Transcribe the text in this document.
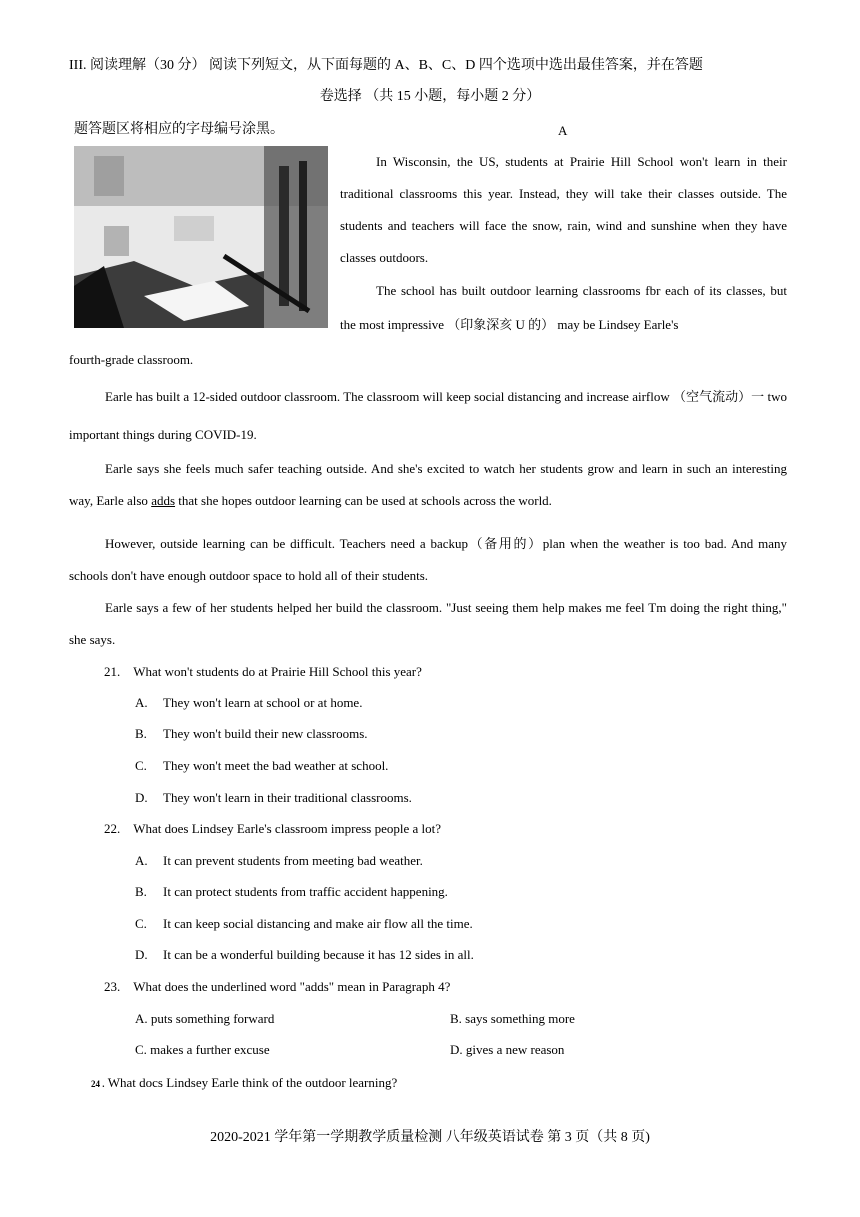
III. 阅读理解（30 分） 阅读下列短文，从下面每题的 A、B、C、D 四个选项中选出最佳答案，并在答题
卷选择 （共 15 小题，每小题 2 分）
题答题区将相应的字母编号涂黑。	A
In Wisconsin, the US, students at Prairie Hill School won't learn in their traditional classrooms this year. Instead, they will take their classes outside. The students and teachers will face the snow, rain, wind and sunshine when they have classes outdoors.
The school has built outdoor learning classrooms fbr each of its classes, but the most impressive （印象深亥 U 的） may be Lindsey Earle's
fourth-grade classroom.
Earle has built a 12-sided outdoor classroom. The classroom will keep social distancing and increase airflow （空气流动）一 two important things during COVID-19.
Earle says she feels much safer teaching outside. And she's excited to watch her students grow and learn in such an interesting way, Earle also adds that she hopes outdoor learning can be used at schools across the world.
However, outside learning can be difficult. Teachers need a backup（备用的）plan when the weather is too bad. And many schools don't have enough outdoor space to hold all of their students.
Earle says a few of her students helped her build the classroom. "Just seeing them help makes me feel Tm doing the right thing," she says.
21. What won't students do at Prairie Hill School this year?
A. They won't learn at school or at home.
B. They won't build their new classrooms.
C. They won't meet the bad weather at school.
D. They won't learn in their traditional classrooms.
22. What does Lindsey Earle's classroom impress people a lot?
A. It can prevent students from meeting bad weather.
B. It can protect students from traffic accident happening.
C. It can keep social distancing and make air flow all the time.
D. It can be a wonderful building because it has 12 sides in all.
23. What does the underlined word "adds" mean in Paragraph 4?
A. puts something forward	B. says something more
C. makes a further excuse	D. gives a new reason
24 . What docs Lindsey Earle think of the outdoor learning?
2020-2021 学年第一学期教学质量检测 八年级英语试卷 第 3 页（共 8 页)
